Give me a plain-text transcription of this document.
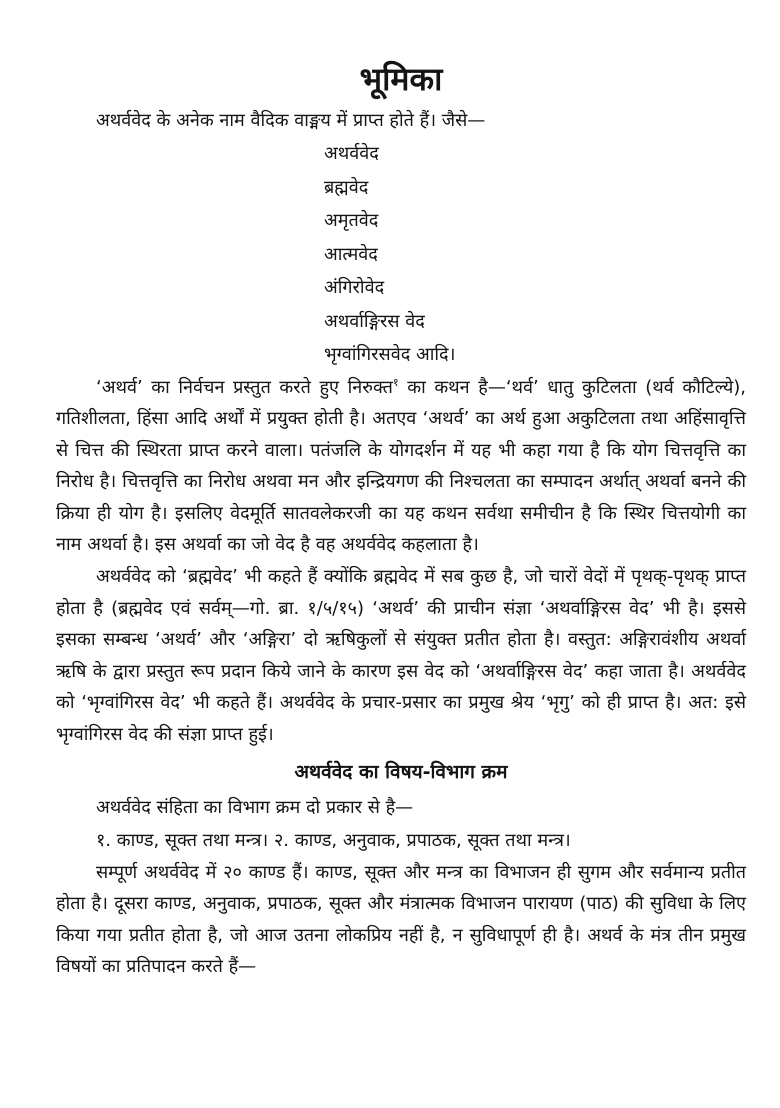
भूमिका

अथर्ववेद के अनेक नाम वैदिक वाङ्मय में प्राप्त होते हैं। जैसे—

अथर्ववेद
ब्रह्मवेद
अमृतवेद
आत्मवेद
अंगिरोवेद
अथर्वाङ्गिरस वेद
भृग्वांगिरसवेद आदि।

‘अथर्व’ का निर्वचन प्रस्तुत करते हुए निरुक्त$^१$ का कथन है—‘थर्व’ धातु कुटिलता (थर्व कौटिल्ये), गतिशीलता, हिंसा आदि अर्थों में प्रयुक्त होती है। अतएव ‘अथर्व’ का अर्थ हुआ अकुटिलता तथा अहिंसावृत्ति से चित्त की स्थिरता प्राप्त करने वाला। पतंजलि के योगदर्शन में यह भी कहा गया है कि योग चित्तवृत्ति का निरोध है। चित्तवृत्ति का निरोध अथवा मन और इन्द्रियगण की निश्चलता का सम्पादन अर्थात् अथर्वा बनने की क्रिया ही योग है। इसलिए वेदमूर्ति सातवलेकरजी का यह कथन सर्वथा समीचीन है कि स्थिर चित्तयोगी का नाम अथर्वा है। इस अथर्वा का जो वेद है वह अथर्ववेद कहलाता है।

अथर्ववेद को ‘ब्रह्मवेद’ भी कहते हैं क्योंकि ब्रह्मवेद में सब कुछ है, जो चारों वेदों में पृथक्-पृथक् प्राप्त होता है (ब्रह्मवेद एवं सर्वम्—गो. ब्रा. १/५/१५) ‘अथर्व’ की प्राचीन संज्ञा ‘अथर्वाङ्गिरस वेद’ भी है। इससे इसका सम्बन्ध ‘अथर्व’ और ‘अङ्गिरा’ दो ऋषिकुलों से संयुक्त प्रतीत होता है। वस्तुत: अङ्गिरावंशीय अथर्वा ऋषि के द्वारा प्रस्तुत रूप प्रदान किये जाने के कारण इस वेद को ‘अथर्वाङ्गिरस वेद’ कहा जाता है। अथर्ववेद को ‘भृग्वांगिरस वेद’ भी कहते हैं। अथर्ववेद के प्रचार-प्रसार का प्रमुख श्रेय ‘भृगु’ को ही प्राप्त है। अत: इसे भृग्वांगिरस वेद की संज्ञा प्राप्त हुई।

अथर्ववेद का विषय-विभाग क्रम

अथर्ववेद संहिता का विभाग क्रम दो प्रकार से है—

१. काण्ड, सूक्त तथा मन्त्र। २. काण्ड, अनुवाक, प्रपाठक, सूक्त तथा मन्त्र।

सम्पूर्ण अथर्ववेद में २० काण्ड हैं। काण्ड, सूक्त और मन्त्र का विभाजन ही सुगम और सर्वमान्य प्रतीत होता है। दूसरा काण्ड, अनुवाक, प्रपाठक, सूक्त और मंत्रात्मक विभाजन पारायण (पाठ) की सुविधा के लिए किया गया प्रतीत होता है, जो आज उतना लोकप्रिय नहीं है, न सुविधापूर्ण ही है। अथर्व के मंत्र तीन प्रमुख विषयों का प्रतिपादन करते हैं—
